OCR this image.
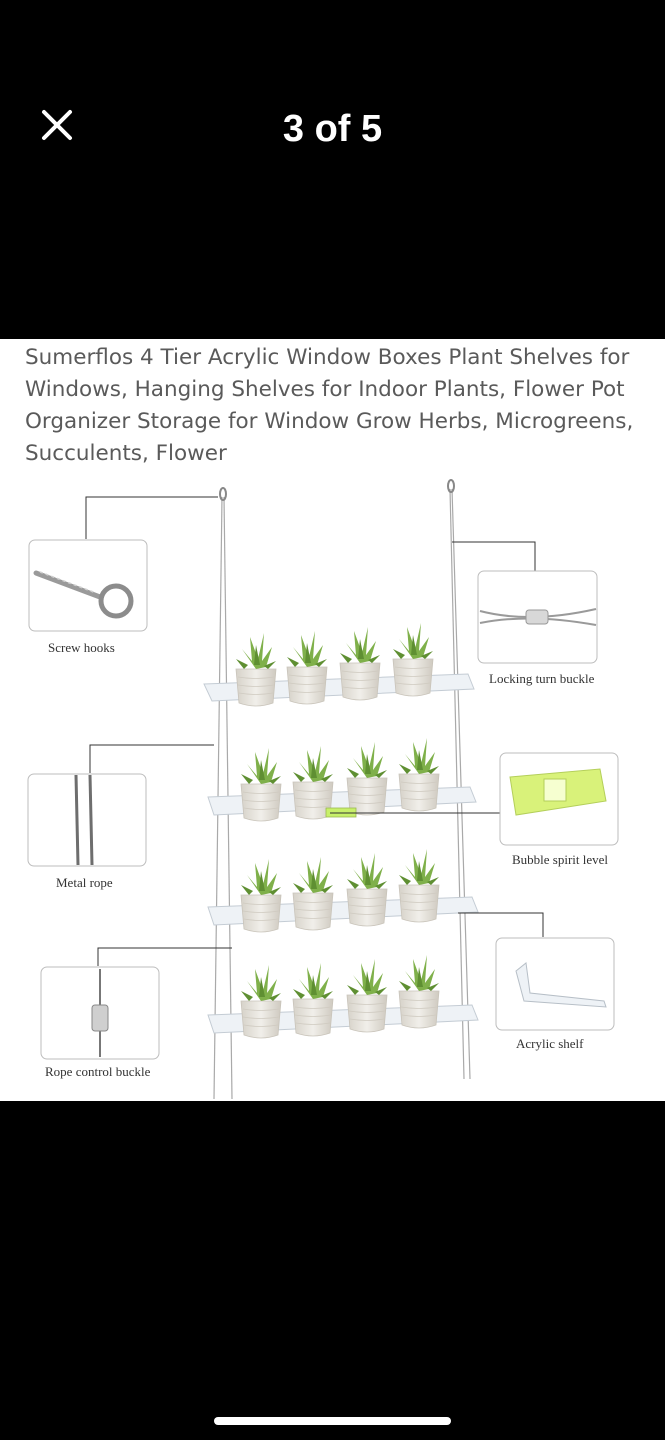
3 of 5

Sumerflos 4 Tier Acrylic Window Boxes Plant Shelves for Windows, Hanging Shelves for Indoor Plants, Flower Pot Organizer Storage for Window Grow Herbs, Microgreens, Succulents, Flower

Screw hooks
Locking turn buckle
Metal rope
Bubble spirit level
Rope control buckle
Acrylic shelf
